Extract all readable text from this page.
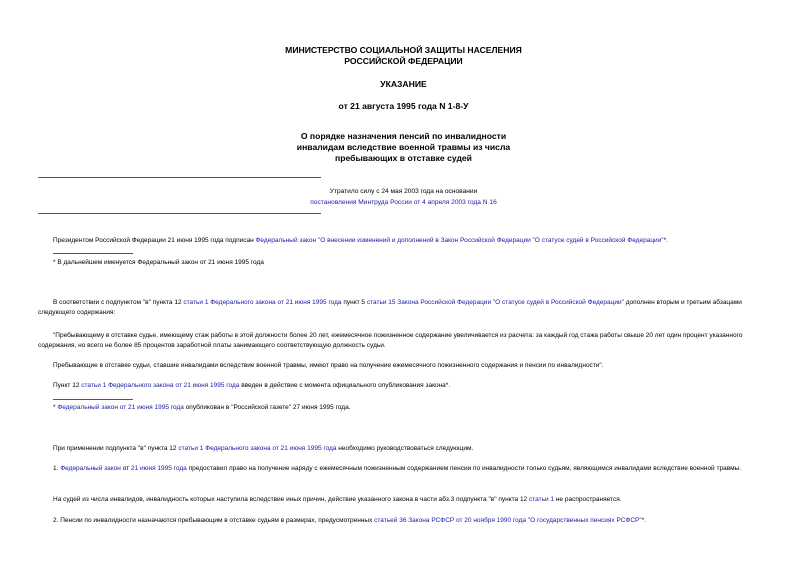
МИНИСТЕРСТВО СОЦИАЛЬНОЙ ЗАЩИТЫ НАСЕЛЕНИЯ
РОССИЙСКОЙ ФЕДЕРАЦИИ
УКАЗАНИЕ
от 21 августа 1995 года N 1-8-У
О порядке назначения пенсий по инвалидности
инвалидам вследствие военной травмы из числа
пребывающих в отставке судей
Утратило силу с 24 мая 2003 года на основании
постановления Минтруда России от 4 апреля 2003 года N 16

Президентом Российской Федерации 21 июня 1995 года подписан Федеральный закон "О внесении изменений и дополнений в Закон Российской Федерации "О статусе судей в Российской Федерации"*.

* В дальнейшем именуется Федеральный закон от 21 июня 1995 года

В соответствии с подпунктом "в" пункта 12 статьи 1 Федерального закона от 21 июня 1995 года пункт 5 статьи 15 Закона Российской Федерации "О статусе судей в Российской Федерации" дополнен вторым и третьим абзацами следующего содержания:

"Пребывающему в отставке судье, имеющему стаж работы в этой должности более 20 лет, ежемесячное пожизненное содержание увеличивается из расчета: за каждый год стажа работы свыше 20 лет один процент указанного содержания, но всего не более 85 процентов заработной платы занимающего соответствующую должность судьи.

Пребывающие в отставке судьи, ставшие инвалидами вследствие военной травмы, имеют право на получение ежемесячного пожизненного содержания и пенсии по инвалидности".

Пункт 12 статьи 1 Федерального закона от 21 июня 1995 года введен в действие с момента официального опубликования закона*.

* Федеральный закон от 21 июня 1995 года опубликован в "Российской газете" 27 июня 1995 года.

При применении подпункта "в" пункта 12 статьи 1 Федерального закона от 21 июня 1995 года необходимо руководствоваться следующим.

1. Федеральный закон от 21 июня 1995 года предоставил право на получение наряду с ежемесячным пожизненным содержанием пенсии по инвалидности только судьям, являющимся инвалидами вследствие военной травмы.

На судей из числа инвалидов, инвалидность которых наступила вследствие иных причин, действие указанного закона в части абз.3 подпункта "в" пункта 12 статьи 1 не распространяется.

2. Пенсии по инвалидности назначаются пребывающим в отставке судьям в размерах, предусмотренных статьей 36 Закона РСФСР от 20 ноября 1990 года "О государственных пенсиях РСФСР"*.
